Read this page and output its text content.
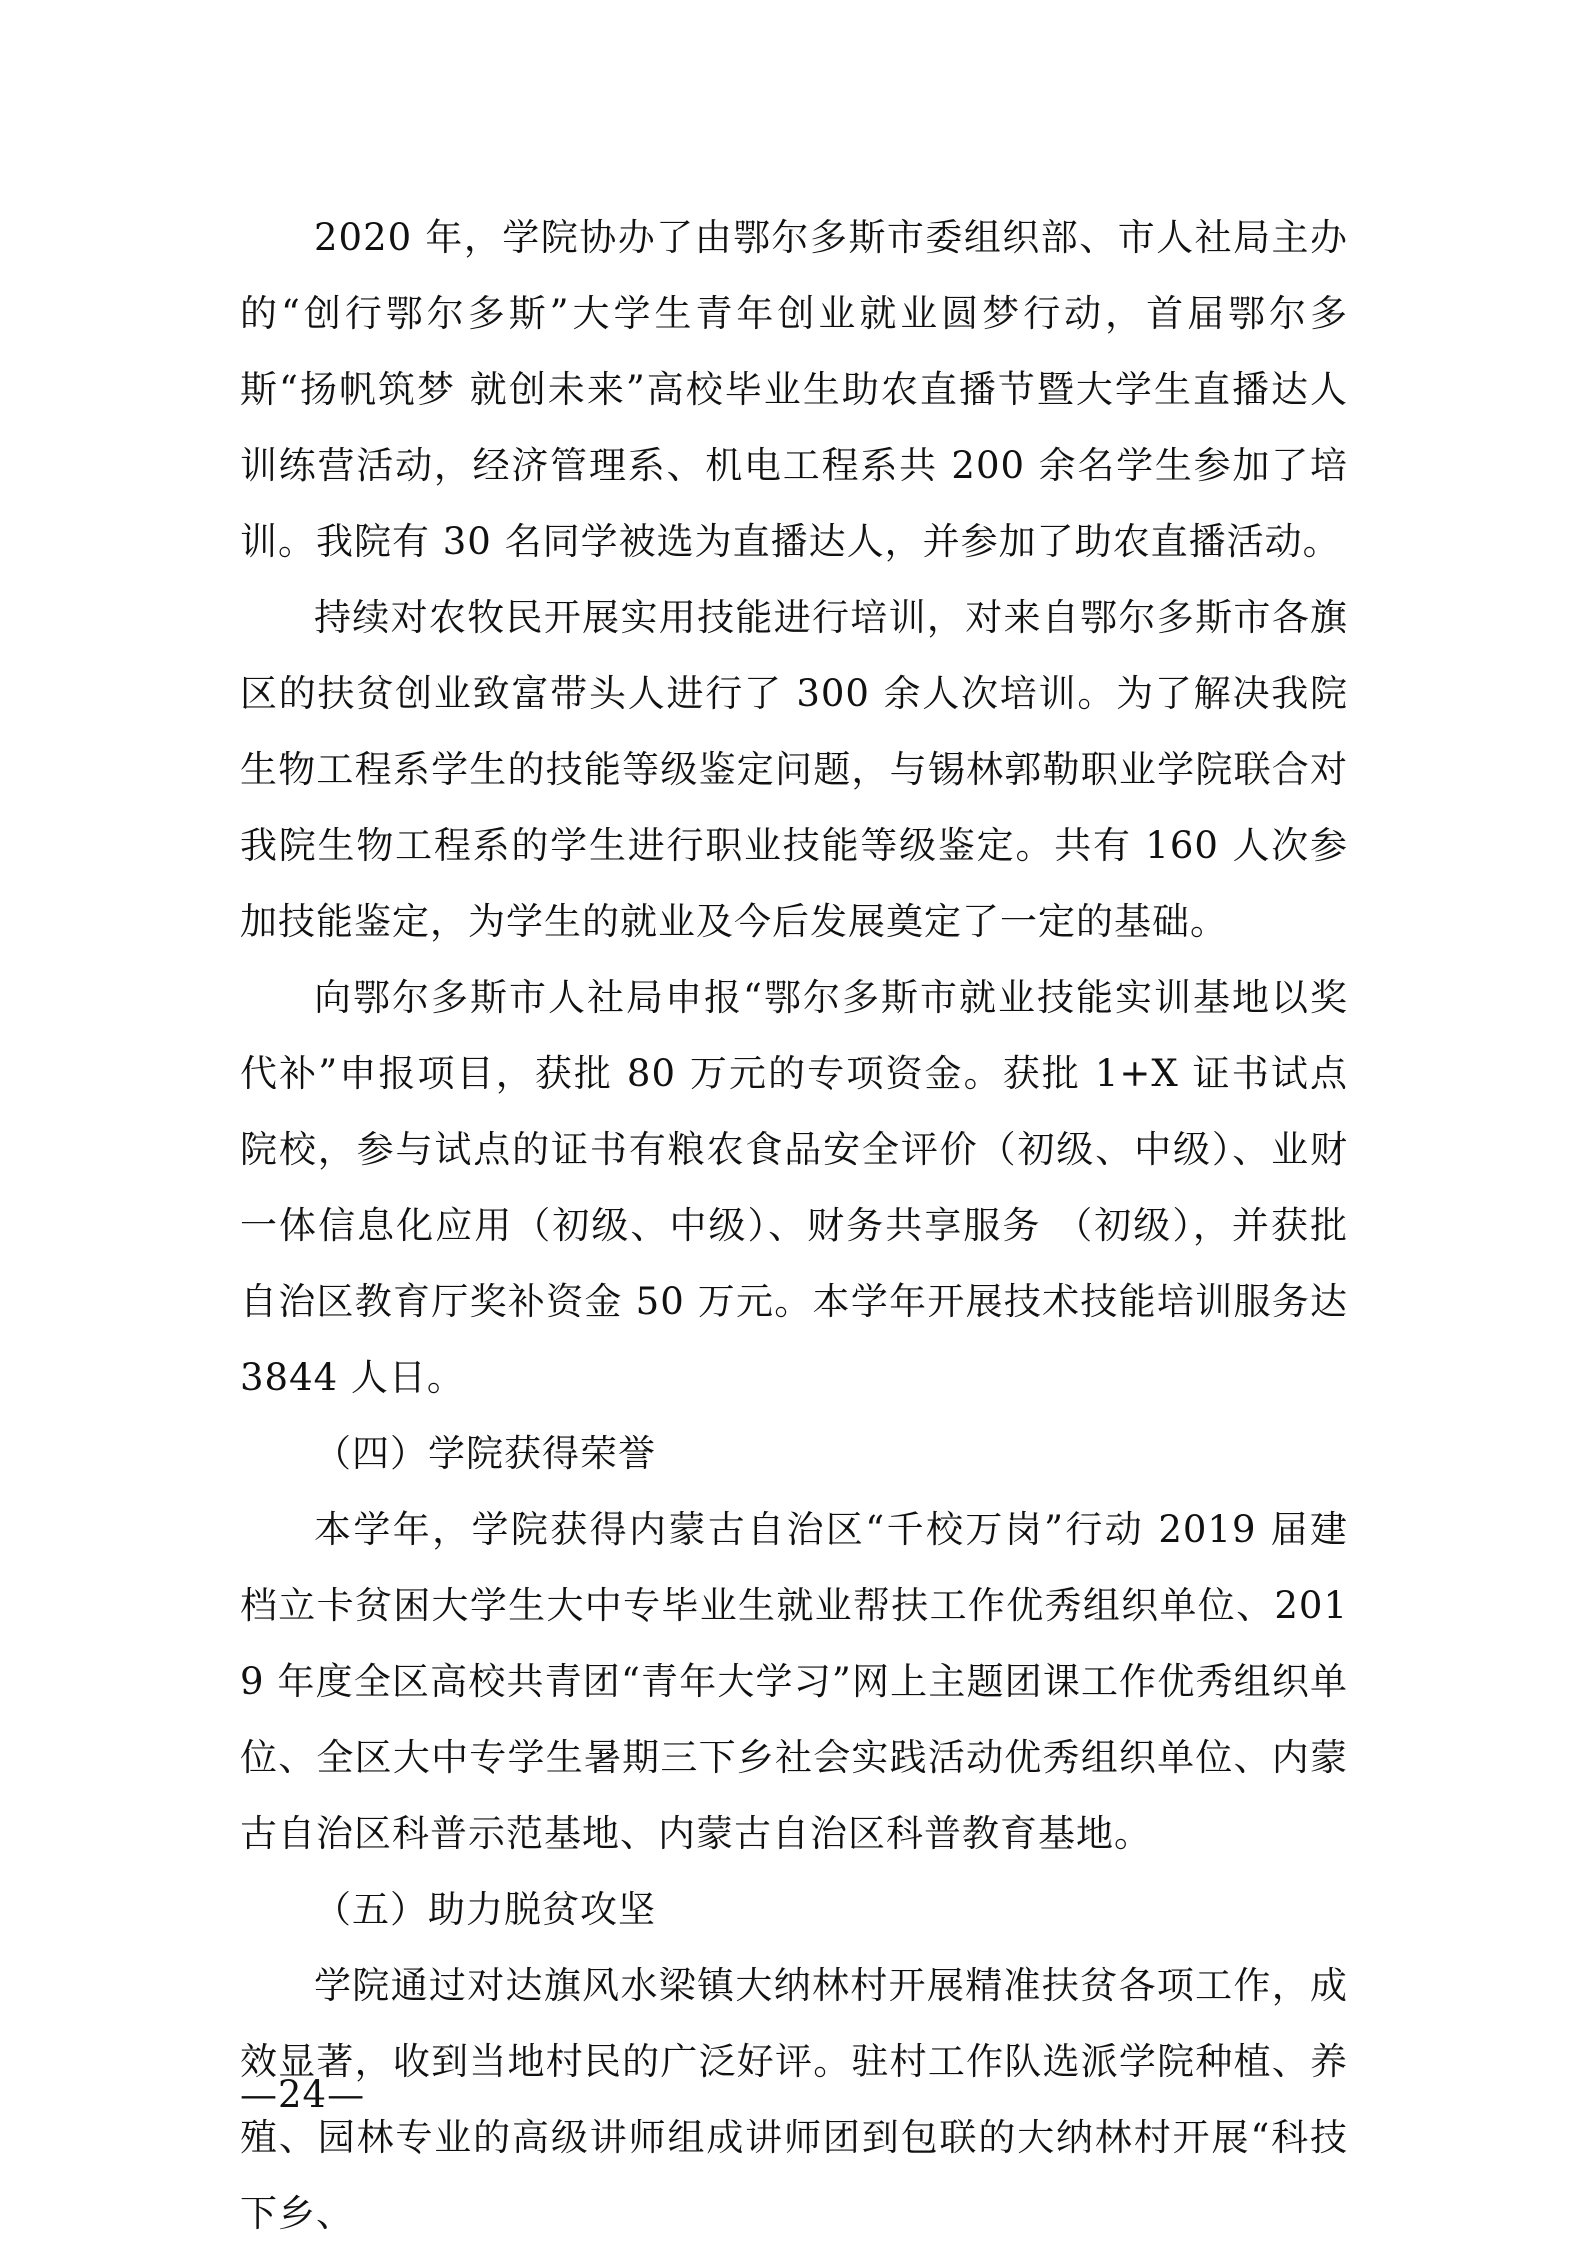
2020 年，学院协办了由鄂尔多斯市委组织部、市人社局主办的“创行鄂尔多斯”大学生青年创业就业圆梦行动，首届鄂尔多斯“扬帆筑梦 就创未来”高校毕业生助农直播节暨大学生直播达人训练营活动，经济管理系、机电工程系共 200 余名学生参加了培训。我院有 30 名同学被选为直播达人，并参加了助农直播活动。

持续对农牧民开展实用技能进行培训，对来自鄂尔多斯市各旗区的扶贫创业致富带头人进行了 300 余人次培训。为了解决我院生物工程系学生的技能等级鉴定问题，与锡林郭勒职业学院联合对我院生物工程系的学生进行职业技能等级鉴定。共有 160 人次参加技能鉴定，为学生的就业及今后发展奠定了一定的基础。

向鄂尔多斯市人社局申报“鄂尔多斯市就业技能实训基地以奖代补”申报项目，获批 80 万元的专项资金。获批 1+X 证书试点院校，参与试点的证书有粮农食品安全评价（初级、中级）、业财一体信息化应用（初级、中级）、财务共享服务 （初级），并获批自治区教育厅奖补资金 50 万元。本学年开展技术技能培训服务达 3844 人日。

（四）学院获得荣誉

本学年，学院获得内蒙古自治区“千校万岗”行动 2019 届建档立卡贫困大学生大中专毕业生就业帮扶工作优秀组织单位、2019 年度全区高校共青团“青年大学习”网上主题团课工作优秀组织单位、全区大中专学生暑期三下乡社会实践活动优秀组织单位、内蒙古自治区科普示范基地、内蒙古自治区科普教育基地。

（五）助力脱贫攻坚

学院通过对达旗风水梁镇大纳林村开展精准扶贫各项工作，成效显著，收到当地村民的广泛好评。驻村工作队选派学院种植、养殖、园林专业的高级讲师组成讲师团到包联的大纳林村开展“科技下乡、

—24—
